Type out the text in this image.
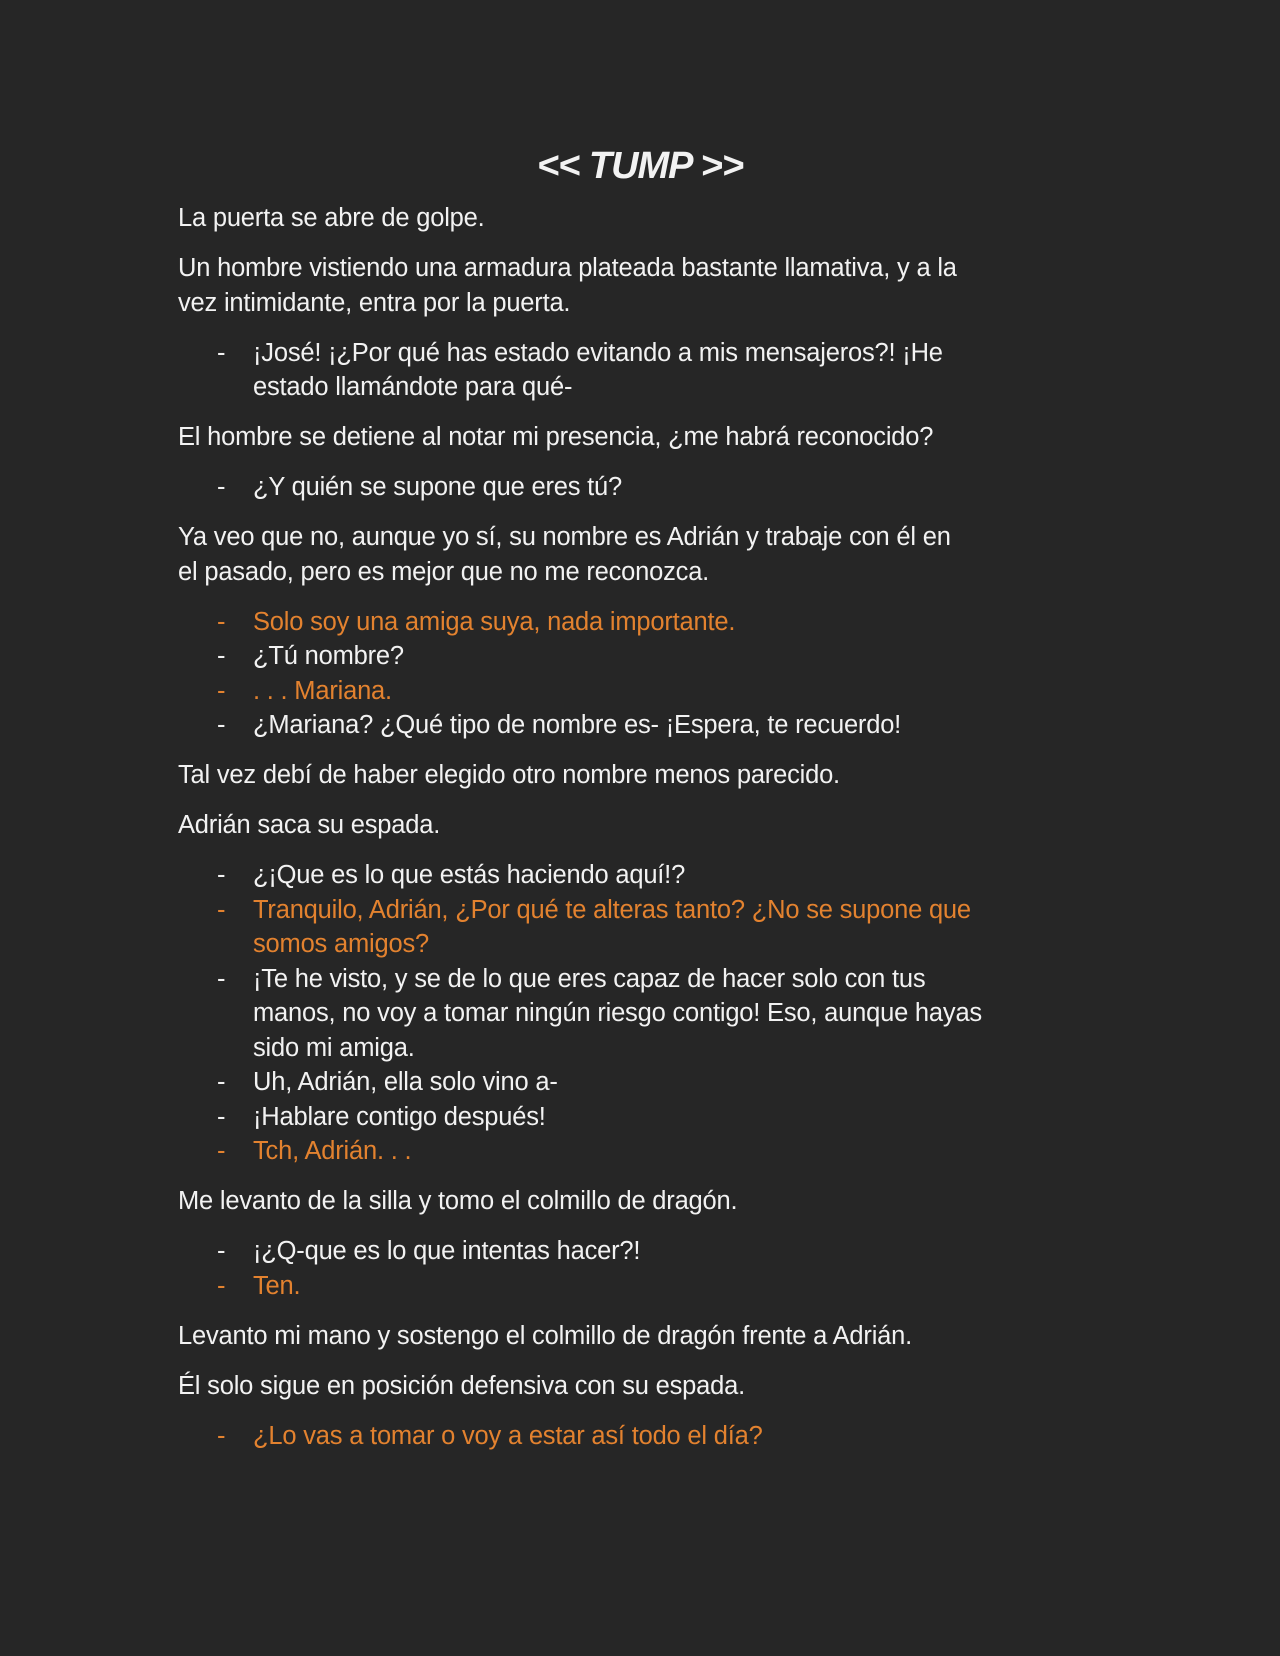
<< TUMP >>
La puerta se abre de golpe.
Un hombre vistiendo una armadura plateada bastante llamativa, y a la
vez intimidante, entra por la puerta.
- ¡José! ¡¿Por qué has estado evitando a mis mensajeros?! ¡He
estado llamándote para qué-
El hombre se detiene al notar mi presencia, ¿me habrá reconocido?
- ¿Y quién se supone que eres tú?
Ya veo que no, aunque yo sí, su nombre es Adrián y trabaje con él en
el pasado, pero es mejor que no me reconozca.
- Solo soy una amiga suya, nada importante.
- ¿Tú nombre?
- . . . Mariana.
- ¿Mariana? ¿Qué tipo de nombre es- ¡Espera, te recuerdo!
Tal vez debí de haber elegido otro nombre menos parecido.
Adrián saca su espada.
- ¿¡Que es lo que estás haciendo aquí!?
- Tranquilo, Adrián, ¿Por qué te alteras tanto? ¿No se supone que
somos amigos?
- ¡Te he visto, y se de lo que eres capaz de hacer solo con tus
manos, no voy a tomar ningún riesgo contigo! Eso, aunque hayas
sido mi amiga.
- Uh, Adrián, ella solo vino a-
- ¡Hablare contigo después!
- Tch, Adrián. . .
Me levanto de la silla y tomo el colmillo de dragón.
- ¡¿Q-que es lo que intentas hacer?!
- Ten.
Levanto mi mano y sostengo el colmillo de dragón frente a Adrián.
Él solo sigue en posición defensiva con su espada.
- ¿Lo vas a tomar o voy a estar así todo el día?
